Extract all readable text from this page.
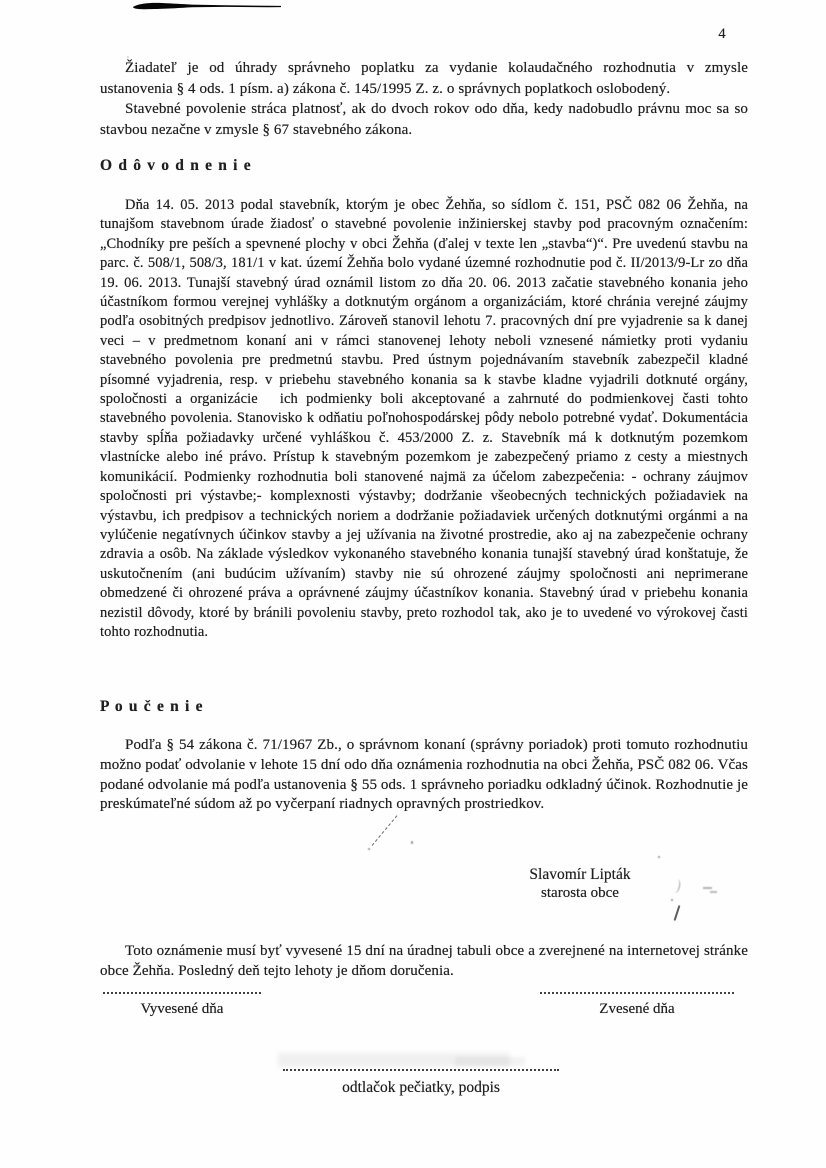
4

Žiadateľ je od úhrady správneho poplatku za vydanie kolaudačného rozhodnutia v zmysle ustanovenia § 4 ods. 1 písm. a) zákona č. 145/1995 Z. z. o správnych poplatkoch oslobodený.

Stavebné povolenie stráca platnosť, ak do dvoch rokov odo dňa, kedy nadobudlo právnu moc sa so stavbou nezačne v zmysle § 67 stavebného zákona.

O d ô v o d n e n i e

Dňa 14. 05. 2013 podal stavebník, ktorým je obec Žehňa, so sídlom č. 151, PSČ 082 06 Žehňa, na tunajšom stavebnom úrade žiadosť o stavebné povolenie inžinierskej stavby pod pracovným označením: „Chodníky pre peších a spevnené plochy v obci Žehňa (ďalej v texte len „stavba“)“. Pre uvedenú stavbu na parc. č. 508/1, 508/3, 181/1 v kat. území Žehňa bolo vydané územné rozhodnutie pod č. II/2013/9-Lr zo dňa 19. 06. 2013. Tunajší stavebný úrad oznámil listom zo dňa 20. 06. 2013 začatie stavebného konania jeho účastníkom formou verejnej vyhlášky a dotknutým orgánom a organizáciám, ktoré chránia verejné záujmy podľa osobitných predpisov jednotlivo. Zároveň stanovil lehotu 7. pracovných dní pre vyjadrenie sa k danej veci – v predmetnom konaní ani v rámci stanovenej lehoty neboli vznesené námietky proti vydaniu stavebného povolenia pre predmetnú stavbu. Pred ústnym pojednávaním stavebník zabezpečil kladné písomné vyjadrenia, resp. v priebehu stavebného konania sa k stavbe kladne vyjadrili dotknuté orgány, spoločnosti a organizácie   ich podmienky boli akceptované a zahrnuté do podmienkovej časti tohto stavebného povolenia. Stanovisko k odňatiu poľnohospodárskej pôdy nebolo potrebné vydať. Dokumentácia stavby spĺňa požiadavky určené vyhláškou č. 453/2000 Z. z. Stavebník má k dotknutým pozemkom vlastnícke alebo iné právo. Prístup k stavebným pozemkom je zabezpečený priamo z cesty a miestnych komunikácií. Podmienky rozhodnutia boli stanovené najmä za účelom zabezpečenia: - ochrany záujmov spoločnosti pri výstavbe;- komplexnosti výstavby; dodržanie všeobecných technických požiadaviek na výstavbu, ich predpisov a technických noriem a dodržanie požiadaviek určených dotknutými orgánmi a na vylúčenie negatívnych účinkov stavby a jej užívania na životné prostredie, ako aj na zabezpečenie ochrany zdravia a osôb. Na základe výsledkov vykonaného stavebného konania tunajší stavebný úrad konštatuje, že uskutočnením (ani budúcim užívaním) stavby nie sú ohrozené záujmy spoločnosti ani neprimerane obmedzené či ohrozené práva a oprávnené záujmy účastníkov konania. Stavebný úrad v priebehu konania nezistil dôvody, ktoré by bránili povoleniu stavby, preto rozhodol tak, ako je to uvedené vo výrokovej časti tohto rozhodnutia.

P o u č e n i e

Podľa § 54 zákona č. 71/1967 Zb., o správnom konaní (správny poriadok) proti tomuto rozhodnutiu možno podať odvolanie v lehote 15 dní odo dňa oznámenia rozhodnutia na obci Žehňa, PSČ 082 06. Včas podané odvolanie má podľa ustanovenia § 55 ods. 1 správneho poriadku odkladný účinok. Rozhodnutie je preskúmateľné súdom až po vyčerpaní riadnych opravných prostriedkov.

Slavomír Lipták
starosta obce

Toto oznámenie musí byť vyvesené 15 dní na úradnej tabuli obce a zverejnené na internetovej stránke obce Žehňa. Posledný deň tejto lehoty je dňom doručenia.

Vyvesené dňa	Zvesené dňa
odtlačok pečiatky, podpis
